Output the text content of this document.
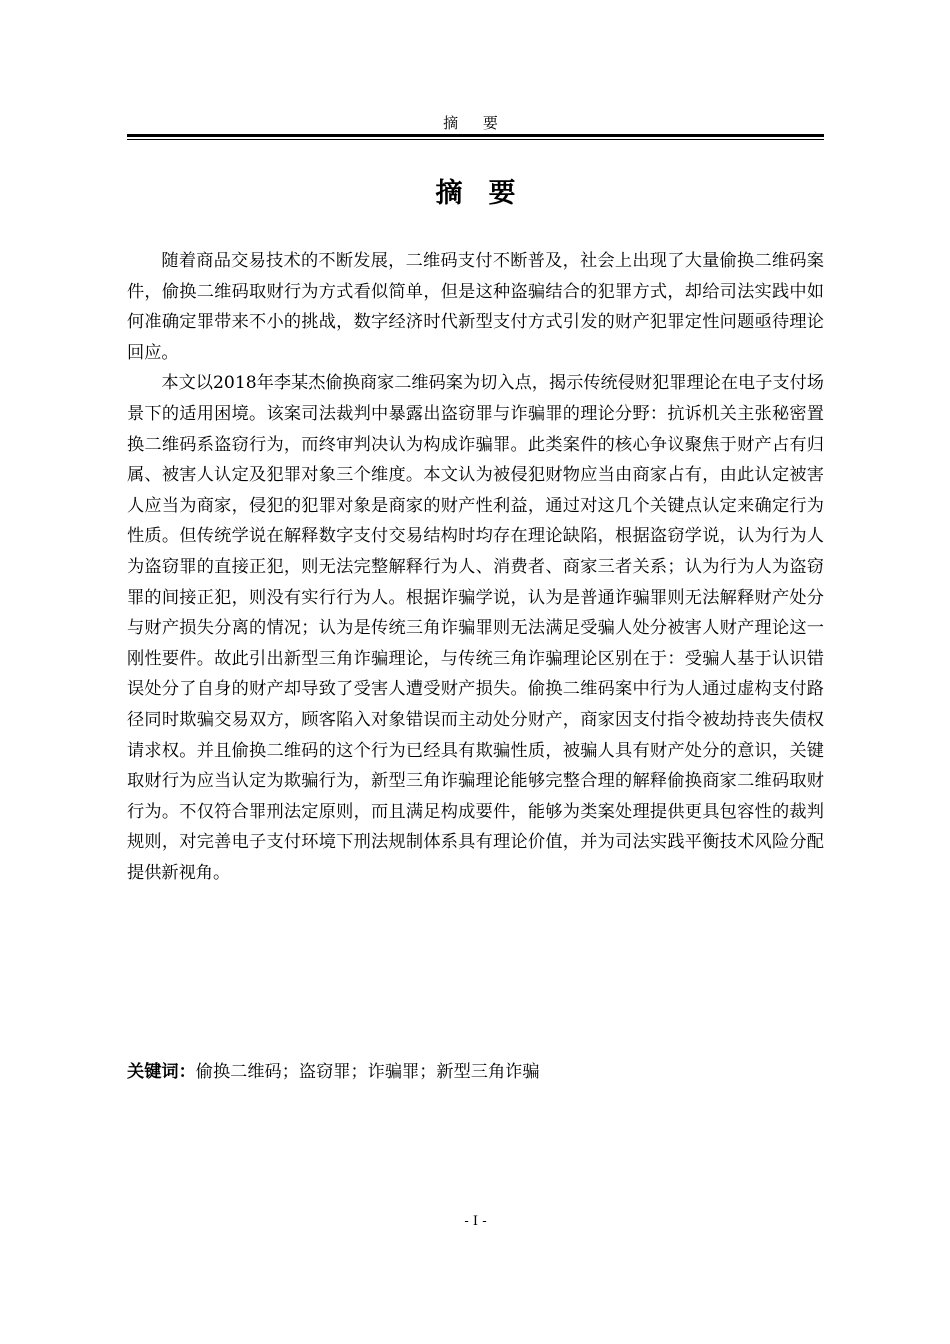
摘 要
摘要

随着商品交易技术的不断发展，二维码支付不断普及，社会上出现了大量偷换二维码案件，偷换二维码取财行为方式看似简单，但是这种盗骗结合的犯罪方式，却给司法实践中如何准确定罪带来不小的挑战，数字经济时代新型支付方式引发的财产犯罪定性问题亟待理论回应。

本文以2018年李某杰偷换商家二维码案为切入点，揭示传统侵财犯罪理论在电子支付场景下的适用困境。该案司法裁判中暴露出盗窃罪与诈骗罪的理论分野：抗诉机关主张秘密置换二维码系盗窃行为，而终审判决认为构成诈骗罪。此类案件的核心争议聚焦于财产占有归属、被害人认定及犯罪对象三个维度。本文认为被侵犯财物应当由商家占有，由此认定被害人应当为商家，侵犯的犯罪对象是商家的财产性利益，通过对这几个关键点认定来确定行为性质。但传统学说在解释数字支付交易结构时均存在理论缺陷，根据盗窃学说，认为行为人为盗窃罪的直接正犯，则无法完整解释行为人、消费者、商家三者关系；认为行为人为盗窃罪的间接正犯，则没有实行行为人。根据诈骗学说，认为是普通诈骗罪则无法解释财产处分与财产损失分离的情况；认为是传统三角诈骗罪则无法满足受骗人处分被害人财产理论这一刚性要件。故此引出新型三角诈骗理论，与传统三角诈骗理论区别在于：受骗人基于认识错误处分了自身的财产却导致了受害人遭受财产损失。偷换二维码案中行为人通过虚构支付路径同时欺骗交易双方，顾客陷入对象错误而主动处分财产，商家因支付指令被劫持丧失债权请求权。并且偷换二维码的这个行为已经具有欺骗性质，被骗人具有财产处分的意识，关键取财行为应当认定为欺骗行为，新型三角诈骗理论能够完整合理的解释偷换商家二维码取财行为。不仅符合罪刑法定原则，而且满足构成要件，能够为类案处理提供更具包容性的裁判规则，对完善电子支付环境下刑法规制体系具有理论价值，并为司法实践平衡技术风险分配提供新视角。

关键词：偷换二维码；盗窃罪；诈骗罪；新型三角诈骗
- I -
